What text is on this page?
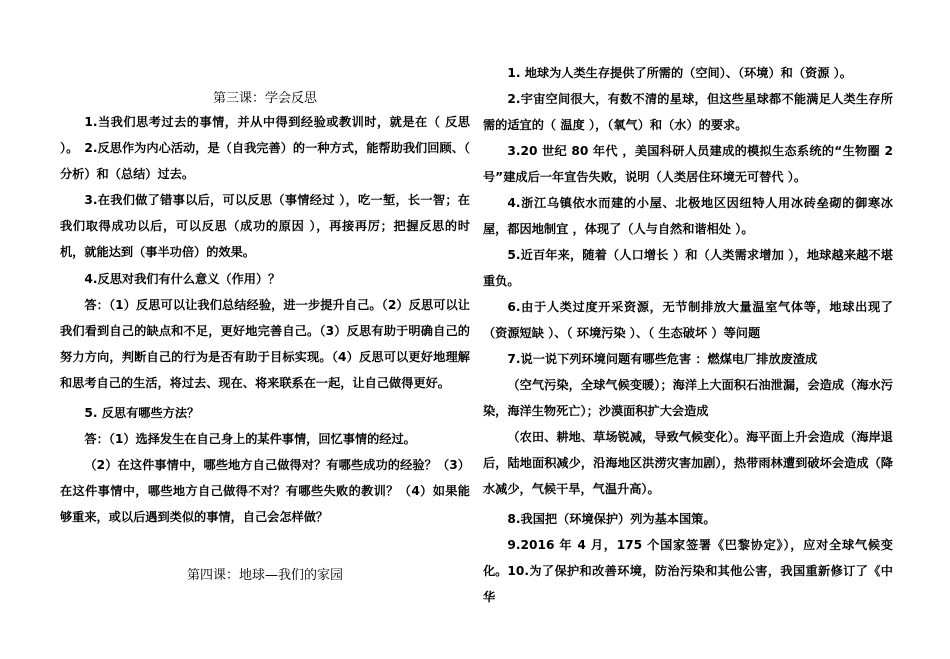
第三课：学会反思

1.当我们思考过去的事情，并从中得到经验或教训时，就是在（ 反思 ）。 2.反思作为内心活动，是（自我完善）的一种方式，能帮助我们回顾、（ 分析）和（总结）过去。

3.在我们做了错事以后，可以反思（事情经过 ），吃一堑，长一智；在我们取得成功以后，可以反思（成功的原因 ），再接再厉；把握反思的时机，就能达到（事半功倍）的效果。

4.反思对我们有什么意义（作用）？

答：（1）反思可以让我们总结经验，进一步提升自己。（2）反思可以让我们看到自己的缺点和不足，更好地完善自己。（3）反思有助于明确自己的努力方向，判断自己的行为是否有助于目标实现。（4）反思可以更好地理解和思考自己的生活，将过去、现在、将来联系在一起，让自己做得更好。

5. 反思有哪些方法？

答：（1）选择发生在自己身上的某件事情，回忆事情的经过。

（2）在这件事情中，哪些地方自己做得对？有哪些成功的经验？（3）在这件事情中，哪些地方自己做得不对？有哪些失败的教训？（4）如果能够重来，或以后遇到类似的事情，自己会怎样做？

第四课：地球—我们的家园

1. 地球为人类生存提供了所需的（空间）、（环境）和（资源 ）。

2.宇宙空间很大，有数不清的星球，但这些星球都不能满足人类生存所需的适宜的（ 温度 ），（氧气）和（水）的要求。

3.20 世纪 80 年代 ，美国科研人员建成的模拟生态系统的“生物圈 2 号”建成后一年宣告失败，说明（人类居住环境无可替代 ）。

4.浙江乌镇依水而建的小屋、北极地区因纽特人用冰砖垒砌的御寒冰屋，都因地制宜 ，体现了（人与自然和谐相处 ）。

5.近百年来，随着（人口增长 ）和（人类需求增加 ），地球越来越不堪重负。

6.由于人类过度开采资源，无节制排放大量温室气体等，地球出现了（资源短缺 ）、（ 环境污染 ）、（ 生态破坏 ）等问题

7.说一说下列环境问题有哪些危害 ：燃煤电厂排放废渣成

（空气污染，全球气候变暖）；海洋上大面积石油泄漏，会造成（海水污染，海洋生物死亡）；沙漠面积扩大会造成

（农田、耕地、草场锐减，导致气候变化）。海平面上升会造成（海岸退后，陆地面积减少，沿海地区洪涝灾害加剧），热带雨林遭到破坏会造成（降水减少，气候干旱，气温升高）。

8.我国把（环境保护）列为基本国策。

9.2016 年 4 月，175 个国家签署《巴黎协定》），应对全球气候变化。 10.为了保护和改善环境，防治污染和其他公害，我国重新修订了《中华
